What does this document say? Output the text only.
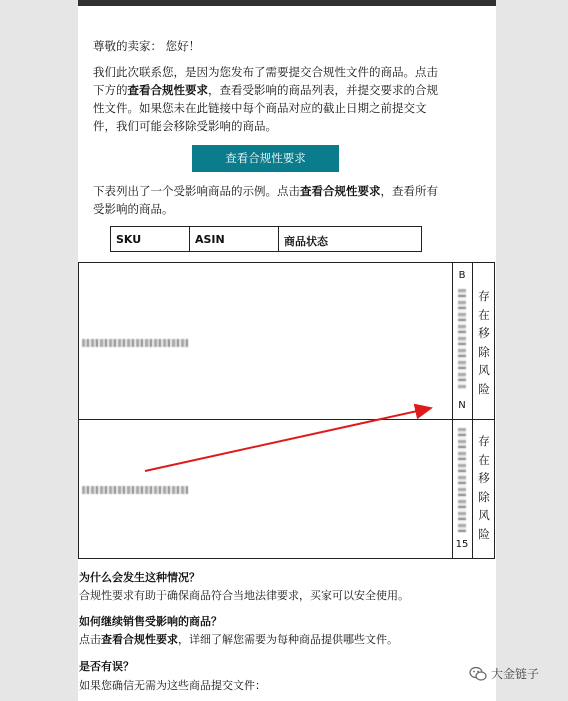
尊敬的卖家： 您好！
我们此次联系您，是因为您发布了需要提交合规性文件的商品。点击下方的查看合规性要求，查看受影响的商品列表，并提交要求的合规性文件。如果您未在此链接中每个商品对应的截止日期之前提交文件，我们可能会移除受影响的商品。
查看合规性要求
下表列出了一个受影响商品的示例。点击查看合规性要求，查看所有受影响的商品。
SKU	ASIN	商品状态
B
N
存
在
移
除
风
险
15
存
在
移
除
风
险
为什么会发生这种情况？
合规性要求有助于确保商品符合当地法律要求，买家可以安全使用。
如何继续销售受影响的商品？
点击查看合规性要求，详细了解您需要为每种商品提供哪些文件。
是否有误？
如果您确信无需为这些商品提交文件：
大金链子
